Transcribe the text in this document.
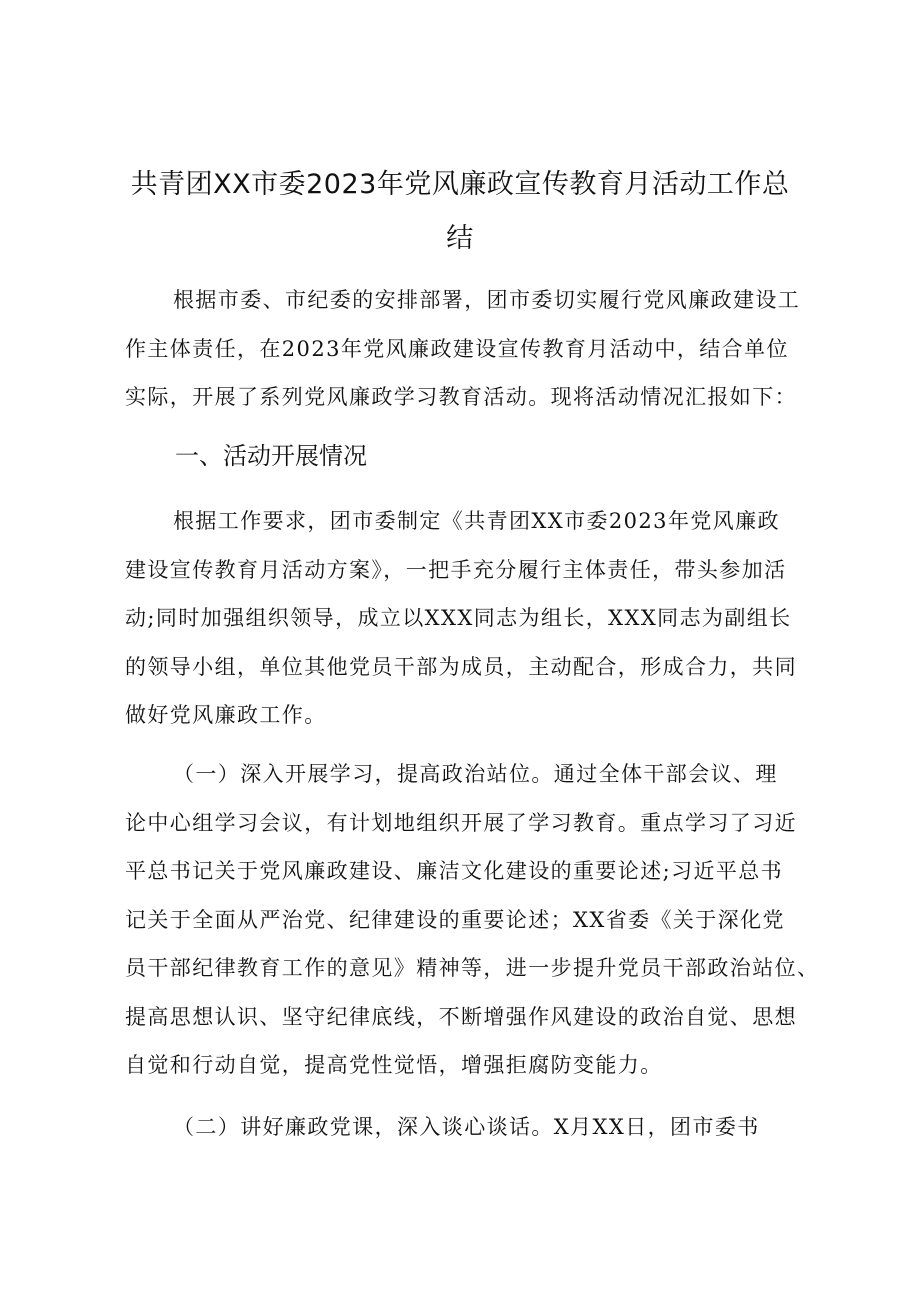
共青团XX市委2023年党风廉政宣传教育月活动工作总
结

根据市委、市纪委的安排部署，团市委切实履行党风廉政建设工
作主体责任，在2023年党风廉政建设宣传教育月活动中，结合单位
实际，开展了系列党风廉政学习教育活动。现将活动情况汇报如下：

一、活动开展情况

根据工作要求，团市委制定《共青团XX市委2023年党风廉政
建设宣传教育月活动方案》，一把手充分履行主体责任，带头参加活
动;同时加强组织领导，成立以XXX同志为组长，XXX同志为副组长
的领导小组，单位其他党员干部为成员，主动配合，形成合力，共同
做好党风廉政工作。

（一）深入开展学习，提高政治站位。通过全体干部会议、理
论中心组学习会议，有计划地组织开展了学习教育。重点学习了习近
平总书记关于党风廉政建设、廉洁文化建设的重要论述;习近平总书
记关于全面从严治党、纪律建设的重要论述；XX省委《关于深化党
员干部纪律教育工作的意见》精神等，进一步提升党员干部政治站位、
提高思想认识、坚守纪律底线，不断增强作风建设的政治自觉、思想
自觉和行动自觉，提高党性觉悟，增强拒腐防变能力。

（二）讲好廉政党课，深入谈心谈话。X月XX日，团市委书
